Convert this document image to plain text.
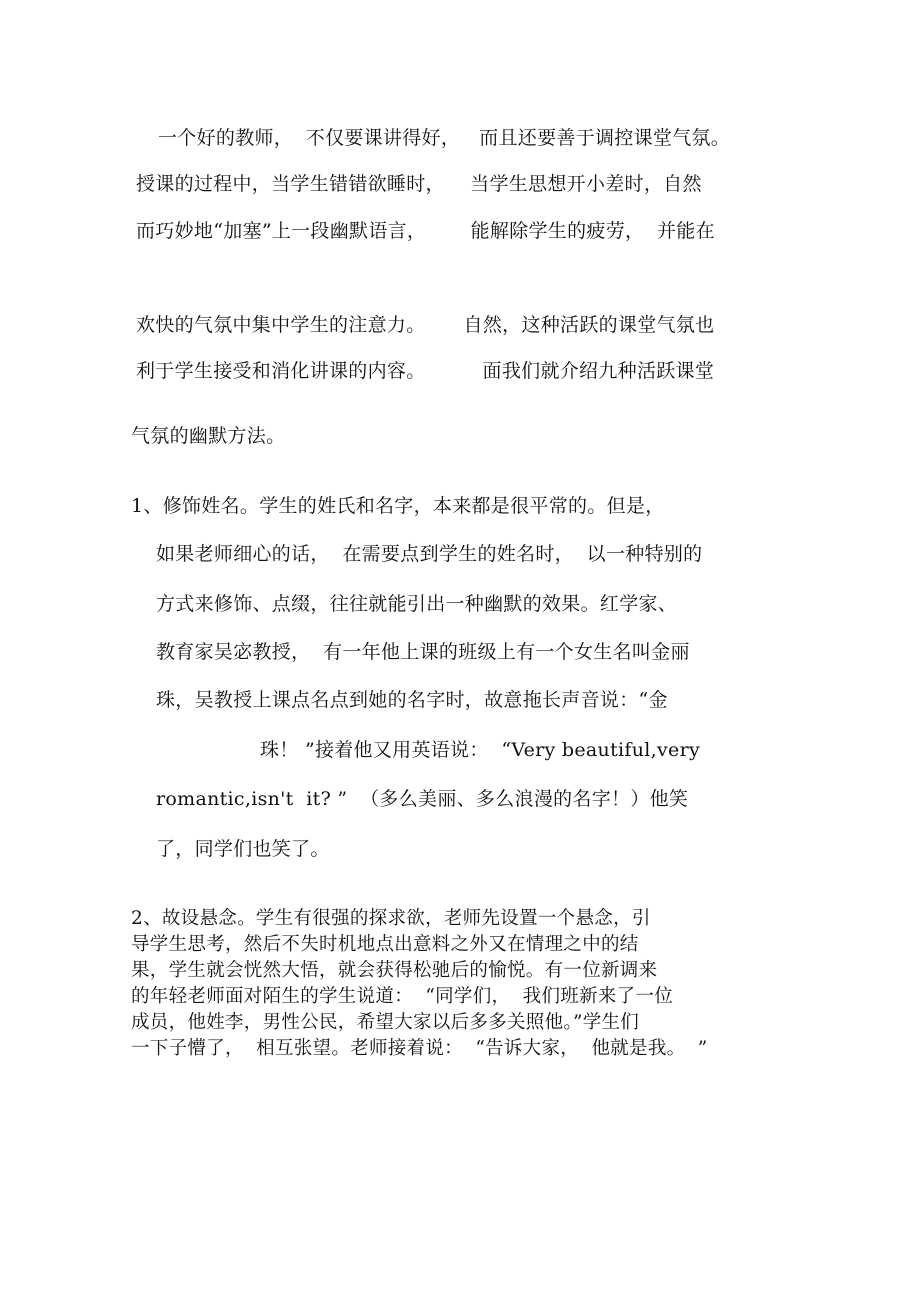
一个好的教师，  不仅要课讲得好，   而且还要善于调控课堂气氛。
授课的过程中，当学生错错欲睡时，    当学生思想开小差时，自然
而巧妙地“加塞”上一段幽默语言，       能解除学生的疲劳，  并能在
欢快的气氛中集中学生的注意力。      自然，这种活跃的课堂气氛也
利于学生接受和消化讲课的内容。         面我们就介绍九种活跃课堂
气氛的幽默方法。
1、修饰姓名。学生的姓氏和名字，本来都是很平常的。但是，
如果老师细心的话，  在需要点到学生的姓名时，  以一种特别的
方式来修饰、点缀，往往就能引出一种幽默的效果。红学家、
教育家吴宓教授，  有一年他上课的班级上有一个女生名叫金丽
珠，吴教授上课点名点到她的名字时，故意拖长声音说：“金
珠！ ”接着他又用英语说：  “Very beautiful,very
romantic,isn't  it? ”  （多么美丽、多么浪漫的名字！）他笑
了，同学们也笑了。
2、故设悬念。学生有很强的探求欲，老师先设置一个悬念，引
导学生思考，然后不失时机地点出意料之外又在情理之中的结
果，学生就会恍然大悟，就会获得松驰后的愉悦。有一位新调来
的年轻老师面对陌生的学生说道：  “同学们，  我们班新来了一位
成员，他姓李，男性公民，希望大家以后多多关照他。”学生们
一下子懵了，  相互张望。老师接着说：  “告诉大家，  他就是我。  ”
